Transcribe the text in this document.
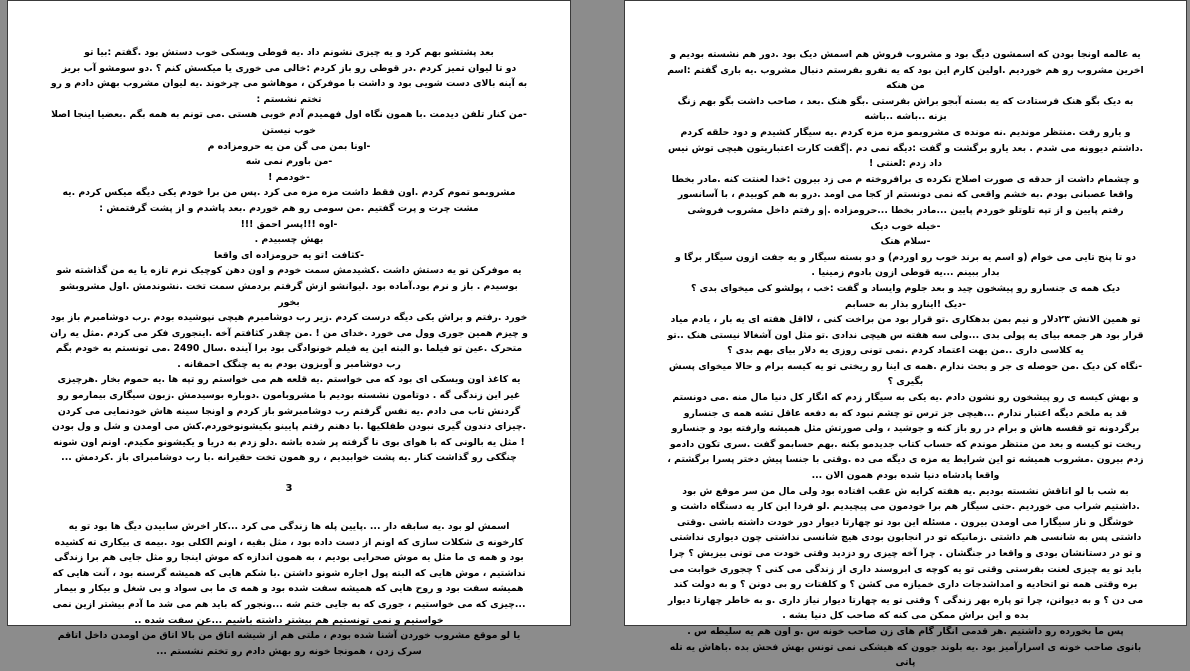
بعد پشتشو بهم کرد و یه چیزی نشونم داد .یه قوطی ویسکی خوب دستش بود .گفتم :بیا تو

دو تا لیوان تمیز کردم .در قوطی رو باز کردم :خالی می خوری یا میکسش کنم ؟ .دو سومشو آب بریز

به آینه بالای دست شویی بود و داشت با موفرکن ، موهاشو می چرخوند .یه لیوان مشروب بهش دادم و رو تختم نشستم :

-من کنار تلفن دیدمت .با همون نگاه اول فهمیدم آدم خوبی هستی .می تونم به همه بگم .بعضیا اینجا اصلا خوب نیستن

-اونا بمن می گن من یه حرومزاده م

-من باورم نمی شه

-خودمم !

مشروبمو تموم کردم .اون فقط داشت مزه مزه می کرد .پس من برا خودم یکی دیگه میکس کردم .یه مشت چرت و پرت گفتیم .من سومی رو هم خوردم .بعد پاشدم و از پشت گرفتمش :

-اوه !!!پسر احمق !!!

بهش چسبیدم .

-کثافت !تو یه حرومزاده ای واقعا

یه موفرکن تو یه دستش داشت .کشیدمش سمت خودم و اون دهن کوچیک نرم تازه یا یه من گذاشته شو بوسیدم . باز و نرم بود.آماده بود .لیوانشو ازش گرفتم بردمش سمت تخت .نشوندمش .اول مشروبشو بخور

خورد .رفتم و براش یکی دیگه درست کردم .زیر رب دوشامبرم هیچی نپوشیده بودم .رب دوشامبرم باز بود و چیزم همین جوری وول می خورد .خدای من ! .من چقدر کثافتم آخه .اینجوری فکر می کردم .مثل یه ران متحرک .عین تو فیلما .و البته این یه فیلم خونوادگی بود برا آینده .سال 2490 .می تونستم به خودم بگم رب دوشامبر و آویزون بودم به یه چنگک احمقانه .

یه کاغذ اون ویسکی ای بود که می خواستم .یه قلعه هم می خواستم رو تپه ها .یه حموم بخار .هرچیزی غیر این زندگی گه . دوتامون نشسته بودیم با مشروبامون .دوباره بوسیدمش .زبون سیگاری بیمارمو رو گردنش تاب می دادم .یه نفس گرفتم رب دوشامبرشو باز کردم و اونجا سینه هاش خودنمایی می کردن .چیزای دندون گیری نبودن طفلکیها .با دهنم رفتم پایینو بکیشونوخوردم.کش می اومدن و شل و ول بودن ! مثل یه بالونی که با هوای بوی نا گرفته پر شده باشه .دلو زدم به دریا و یکیشونو مکیدم. اونم اون شونه چنگکی رو گذاشت کنار .یه پشت خوابیدیم ، رو همون تخت حقیرانه .با رب دوشامبرای باز .کردمش ...

3

اسمش لو بود .یه سابقه دار ... .پایین پله ها زندگی می کرد ...کار اخرش سابیدن دیگ ها بود تو یه کارخونه ی شکلات سازی که اونم از دست داده بود ، مثل بقیه ، اونم الکلی بود .بیمه ی بیکاری ته کشیده بود و همه ی ما مثل یه موش صحرایی بودیم ، به همون اندازه که موش اینجا رو مثل جایی هم برا زندگی نداشتیم ، موش هایی که البته پول اجاره شونو داشتن .با شکم هایی که همیشه گرسنه بود ، آنت هایی که همیشه سفت بود و روح هایی که همیشه سفت شده بود و همه ی ما بی سواد و بی شغل و بیکار و بیمار ...چیزی که می خواستیم ، جوری که به جایی ختم شه ...ونجور که باید هم می شد ما آدم بیشتر ازین نمی خواستیم و نمی تونستیم هم بیشتر داشته باشیم ...عن سفت شده ..

یا لو موقع مشروب خوردن آشنا شده بودم ، ملتی هم از شیشه اتاق من بالا اتاق من اومدن داخل اتاقم سرک زدن ، همونجا خونه رو بهش دادم رو تختم نشستم ...

یه عالمه اونجا بودن که اسمشون دیگ بود و مشروب فروش هم اسمش دیک بود .دور هم نشسته بودیم و اخرین مشروب رو هم خوردیم .اولین کارم این بود که یه نفرو بفرستم دنبال مشروب .یه باری گفتم :اسم من هنکه

به دیک بگو هنک فرستادت که یه بسته آبجو براش بفرستی .بگو هنک .بعد ، صاحب داشت بگو بهم زنگ بزنه ..باشه ..باشه

و یارو رفت .منتظر موندیم .نه مونده ی مشروبمو مزه مزه کردم .یه سیگار کشیدم و دود حلقه کردم .داشتم دیوونه می شدم . بعد یارو برگشت و گفت :دیگه نمی دم .|گفت کارت اعتباریتون هیچی توش نیس

داد زدم :لعنتی !

و چشمام داشت از حدقه ی صورت اصلاح نکرده ی برافروخته م می زد بیرون :خدا لعنتت کنه .مادر بخطا واقعا عصبانی بودم .به خشم واقعی که نمی دونستم از کجا می اومد .درو به هم کوبیدم ، با آسانسور رفتم پایین و از تپه تلوتلو خوردم پایین ...مادر بخطا ...حرومزاده .|و رفتم داخل مشروب فروشی

-خیله خوب دیک

-سلام هنک

دو تا پنج تایی می خوام (و اسم یه برند خوب رو اوردم) و دو بسته سیگار و یه جفت ازون سیگار برگا و بدار ببینم ...یه قوطی ازون بادوم زمینیا .

دیک همه ی جنسارو رو پیشخون چید و بعد جلوم وایساد و گفت :خب ، پولشو کی میخوای بدی ؟

-دیک !اینارو بذار به حسابم

تو همین الانش ۲۳دلار و نیم بمن بدهکاری .تو قرار بود من براخت کنی ، لااقل هفته ای یه بار ، یادم میاد قرار بود هر جمعه بیای یه پولی بدی ...ولی سه هفته س هیچی ندادی .تو مثل اون آشغالا نیستی هنک ..تو یه کلاسی داری ..من بهت اعتماد کردم .نمی تونی روزی یه دلار بیای بهم بدی ؟

-نگاه کن دیک .من حوصله ی جر و بحث ندارم .همه ی اینا رو ریختی تو یه کیسه برام و حالا میخوای پسش بگیری ؟

و بهش کیسه ی رو پیشخون رو نشون دادم .یه یکی به سیگار زدم که انگار کل دنیا مال منه .می دونستم قد یه ملخم دیگه اعتبار ندارم ...هیچی جز ترس تو چشم نبود که به دفعه عاقل تشه همه ی جنسارو برگردونه تو قفسه هاش و برام در رو باز کنه و جوشید ، ولی صورتش مثل همیشه وارفته بود و جنسارو ریخت تو کیسه و بعد من منتظر موندم که حساب کتاب جدیدمو بکنه .بهم حسابمو گفت .سری تکون دادمو زدم بیرون .مشروب همیشه تو این شرایط یه مزه ی دیگه می ده .وقتی با جنسا پیش دختر پسرا برگشتم ، واقعا پادشاه دنیا شده بودم همون الان ...

به شب با لو اتاقش نشسته بودیم .یه هفته کرایه ش عقب افتاده بود ولی مال من سر موقع ش بود .داشتیم شراب می خوردیم .حتی سیگار هم برا خودمون می پیچیدیم .لو فردا این کار یه دستگاه داشت و خوشگل و ناز سیگارا می اومدن بیرون . مسئله این بود تو چهارتا دیوار دور خودت داشته باشی .وقتی داشتی پس به شانسی هم داشتی .زمانیکه تو در انجابون بودی هیچ شانسی نداشتی چون دیواری نداشتی و تو در دستانشان بودی و واقعا در جنگشان . چرا آخه چیزی رو دزدید وقتی خودت می تونی بیزیش ؟ چرا باید تو یه چیزی لعنت بفرستی وقتی تو یه کوچه ی ابروسند داری از زندگی می کنی ؟ چجوری خوابت می بره وقتی همه تو اتحادیه و امداشدجات داری خمیازه می کشن ؟ و کلفتات رو بی دونن ؟ و به دولت کند می دن ؟ و به دیوانن، چرا تو پاره بهر زندگی ؟ وقتی تو یه چهارتا دیوار نیاز داری .و به خاطر چهارتا دیوار بده و این براش ممکن می کنه که صاحب کل دنیا بشه .

پس ما بخورده رو داشتیم .هر قدمی انگار گام های زن صاحب خونه س .و اون هم یه سلیطه س .

بانوی صاحب خونه ی اسرارآمیز بود .یه بلوند جوون که هیشکی نمی تونس بهش فحش بده .باهاش یه تله پاتی
